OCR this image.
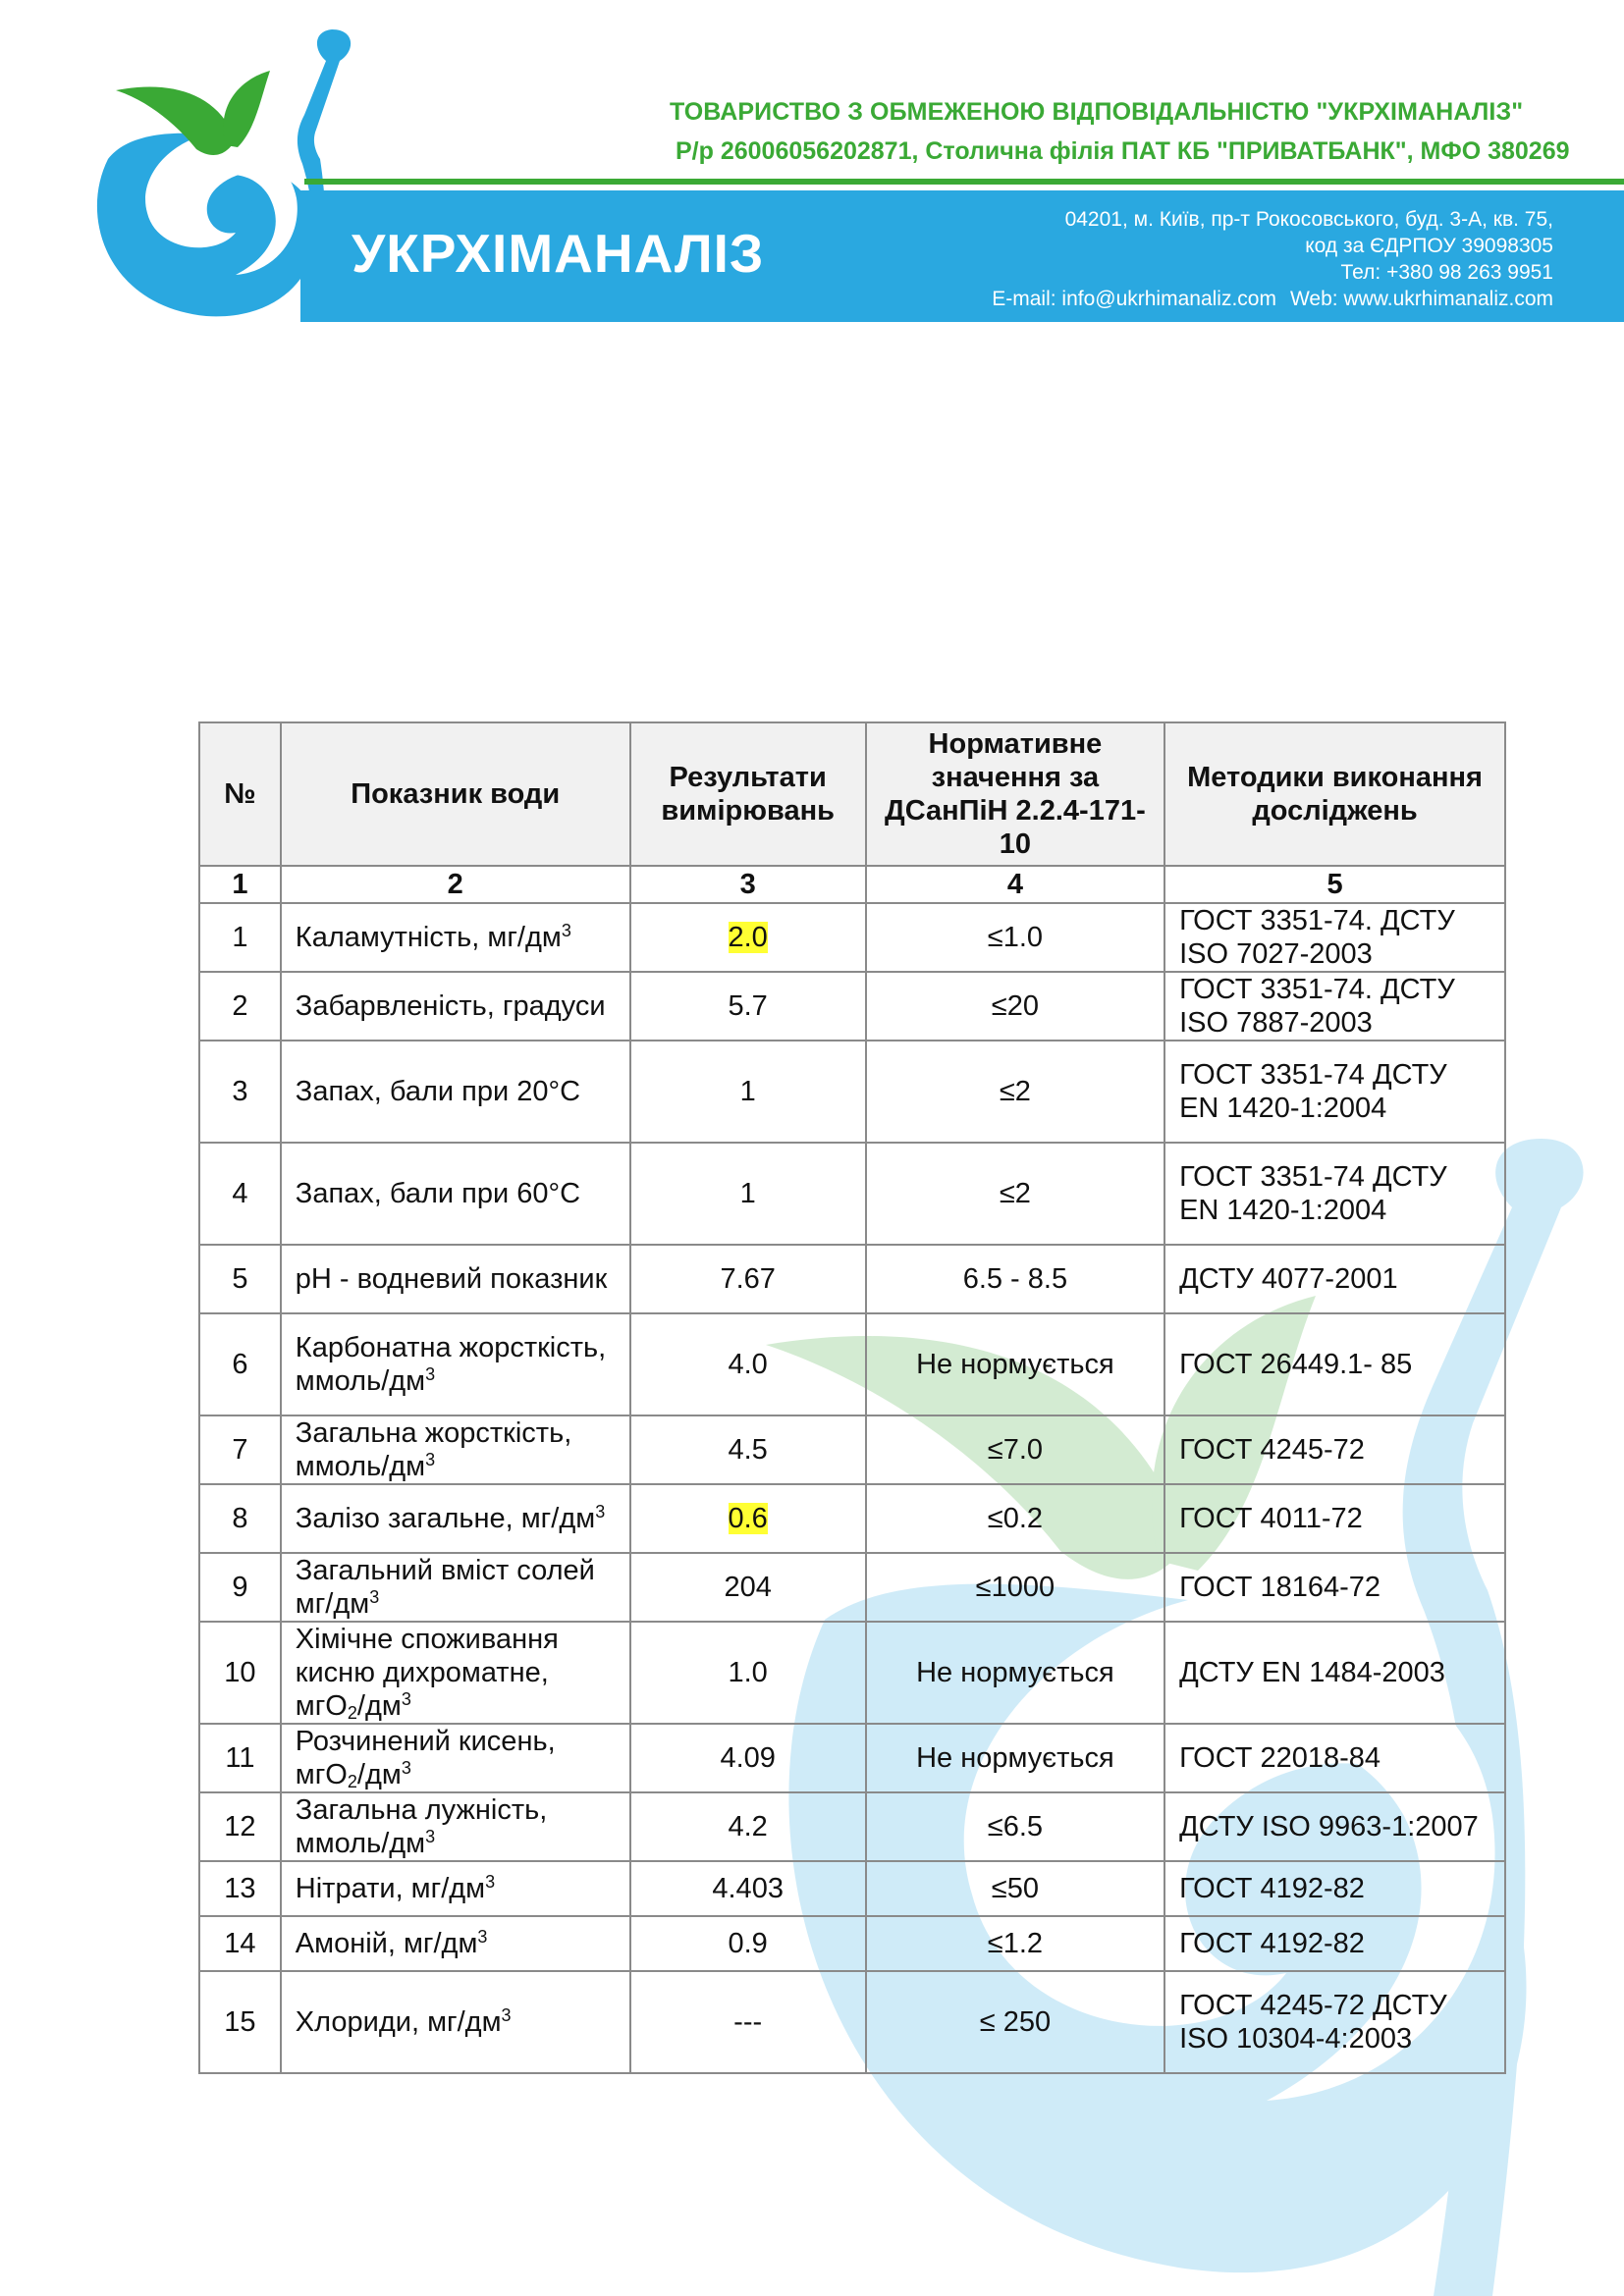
ТОВАРИСТВО З ОБМЕЖЕНОЮ ВІДПОВІДАЛЬНІСТЮ "УКРХІМАНАЛІЗ"
Р/р 26006056202871, Столична філія ПАТ КБ "ПРИВАТБАНК", МФО 380269
УКРХІМАНАЛІЗ
04201, м. Київ, пр-т Рокосовського, буд. 3-А, кв. 75,
код за ЄДРПОУ 39098305
Тел: +380 98 263 9951
E-mail: info@ukrhimanaliz.com Web: www.ukrhimanaliz.com
№	Показник води	Результати вимірювань	Нормативне значення за ДСанПіН 2.2.4-171-10	Методики виконання досліджень
1	2	3	4	5
1	Каламутність, $мг/дм^3$	2.0	≤1.0	ГОСТ 3351-74. ДСТУ ISO 7027-2003
2	Забарвленість, градуси	5.7	≤20	ГОСТ 3351-74. ДСТУ ISO 7887-2003
3	Запах, бали при 20°С	1	≤2	ГОСТ 3351-74 ДСТУ EN 1420-1:2004
4	Запах, бали при 60°С	1	≤2	ГОСТ 3351-74 ДСТУ EN 1420-1:2004
5	pH - водневий показник	7.67	6.5 - 8.5	ДСТУ 4077-2001
6	Карбонатна жорсткість, ммоль/$дм^3$	4.0	Не нормується	ГОСТ 26449.1- 85
7	Загальна жорсткість, ммоль/$дм^3$	4.5	≤7.0	ГОСТ 4245-72
8	Залізо загальне, $мг/дм^3$	0.6	≤0.2	ГОСТ 4011-72
9	Загальний вміст солей $мг/дм^3$	204	≤1000	ГОСТ 18164-72
10	Хімічне споживання кисню дихроматне, $мгО_2/дм^3$	1.0	Не нормується	ДСТУ EN 1484-2003
11	Розчинений кисень, $мгО_2/дм^3$	4.09	Не нормується	ГОСТ 22018-84
12	Загальна лужність, ммоль/$дм^3$	4.2	≤6.5	ДСТУ ISO 9963-1:2007
13	Нітрати, $мг/дм^3$	4.403	≤50	ГОСТ 4192-82
14	Амоній, $мг/дм^3$	0.9	≤1.2	ГОСТ 4192-82
15	Хлориди, $мг/дм^3$	---	≤ 250	ГОСТ 4245-72 ДСТУ ISO 10304-4:2003
